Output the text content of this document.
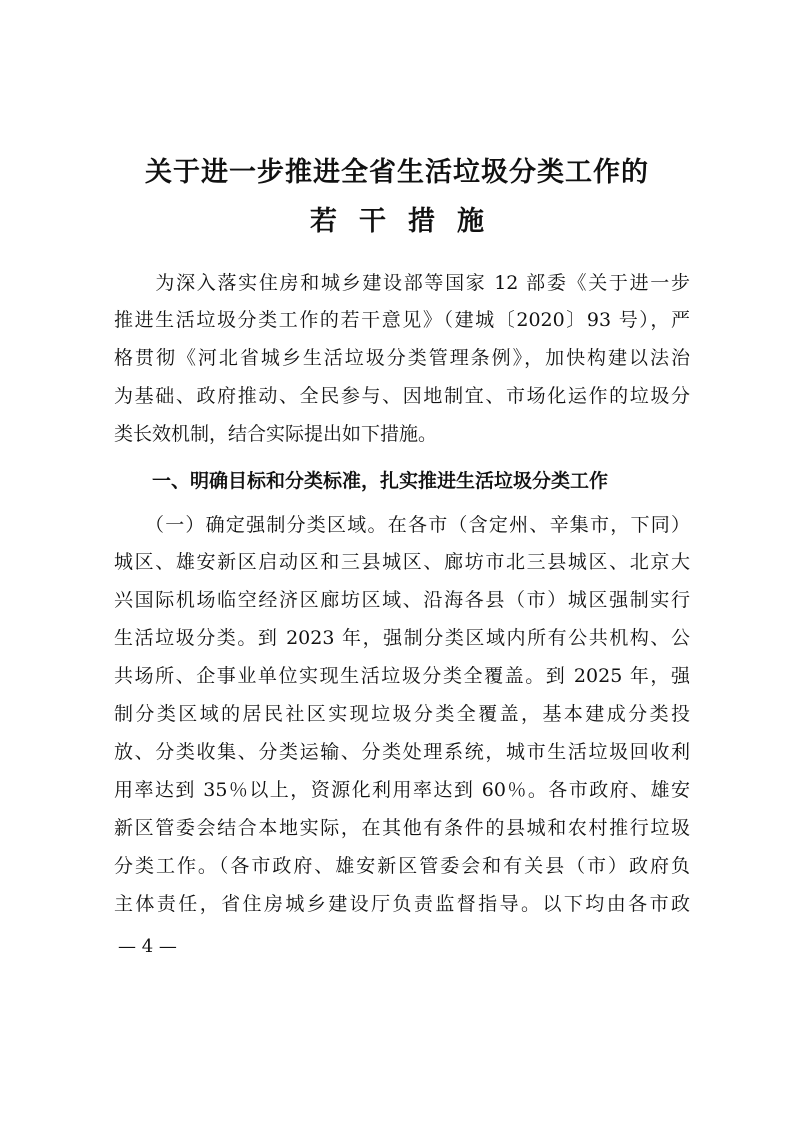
关于进一步推进全省生活垃圾分类工作的
若干措施
　　为深入落实住房和城乡建设部等国家 12 部委《关于进一步
推进生活垃圾分类工作的若干意见》（建城〔2020〕93 号），严
格贯彻《河北省城乡生活垃圾分类管理条例》，加快构建以法治
为基础、政府推动、全民参与、因地制宜、市场化运作的垃圾分
类长效机制，结合实际提出如下措施。
　　一、明确目标和分类标准，扎实推进生活垃圾分类工作
　　（一）确定强制分类区域。在各市（含定州、辛集市，下同）
城区、雄安新区启动区和三县城区、廊坊市北三县城区、北京大
兴国际机场临空经济区廊坊区域、沿海各县（市）城区强制实行
生活垃圾分类。到 2023 年，强制分类区域内所有公共机构、公
共场所、企事业单位实现生活垃圾分类全覆盖。到 2025 年，强
制分类区域的居民社区实现垃圾分类全覆盖，基本建成分类投
放、分类收集、分类运输、分类处理系统，城市生活垃圾回收利
用率达到 35％以上，资源化利用率达到 60％。各市政府、雄安
新区管委会结合本地实际，在其他有条件的县城和农村推行垃圾
分类工作。（各市政府、雄安新区管委会和有关县（市）政府负
主体责任，省住房城乡建设厅负责监督指导。以下均由各市政
— 4 —
